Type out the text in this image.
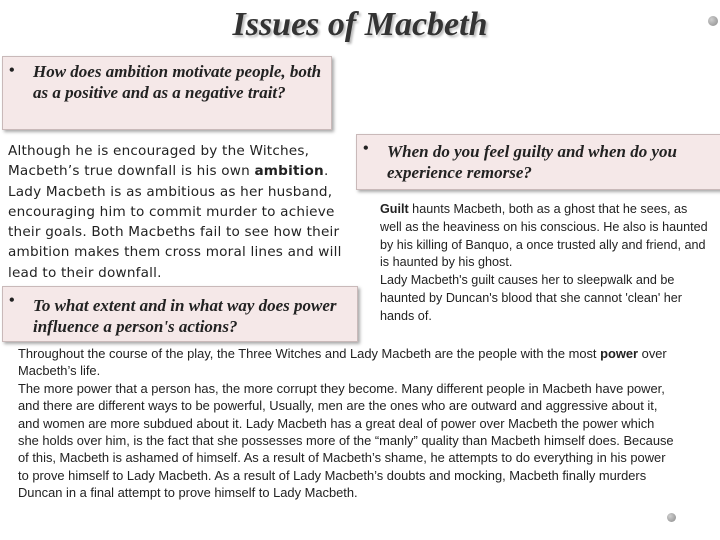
Issues of Macbeth
• How does ambition motivate people, both as a positive and as a negative trait?
Although he is encouraged by the Witches, Macbeth’s true downfall is his own ambition. Lady Macbeth is as ambitious as her husband, encouraging him to commit murder to achieve their goals. Both Macbeths fail to see how their ambition makes them cross moral lines and will lead to their downfall.
• When do you feel guilty and when do you experience remorse?
Guilt haunts Macbeth, both as a ghost that he sees, as well as the heaviness on his conscious. He also is haunted by his killing of Banquo, a once trusted ally and friend, and is haunted by his ghost.
Lady Macbeth's guilt causes her to sleepwalk and be haunted by Duncan's blood that she cannot 'clean' her hands of.
• To what extent and in what way does power influence a person's actions?

Throughout the course of the play, the Three Witches and Lady Macbeth are the people with the most power over Macbeth’s life.

The more power that a person has, the more corrupt they become. Many different people in Macbeth have power, and there are different ways to be powerful, Usually, men are the ones who are outward and aggressive about it, and women are more subdued about it. Lady Macbeth has a great deal of power over Macbeth the power which she holds over him, is the fact that she possesses more of the “manly” quality than Macbeth himself does. Because of this, Macbeth is ashamed of himself. As a result of Macbeth’s shame, he attempts to do everything in his power to prove himself to Lady Macbeth. As a result of Lady Macbeth’s doubts and mocking, Macbeth finally murders Duncan in a final attempt to prove himself to Lady Macbeth.
